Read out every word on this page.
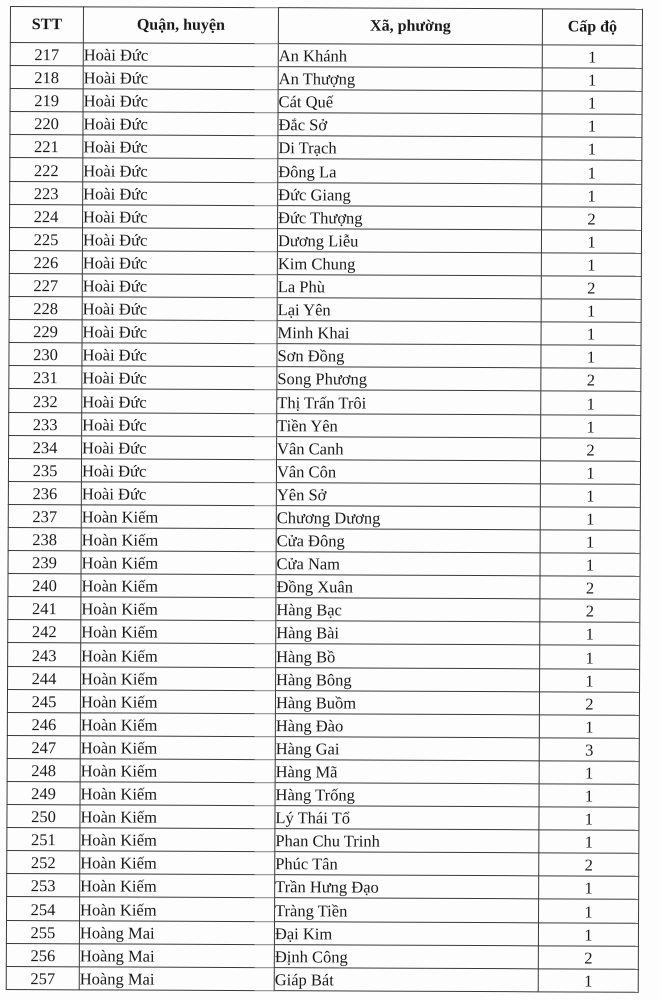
STT	Quận, huyện	Xã, phường	Cấp độ
217	Hoài Đức	An Khánh	1
218	Hoài Đức	An Thượng	1
219	Hoài Đức	Cát Quế	1
220	Hoài Đức	Đắc Sở	1
221	Hoài Đức	Di Trạch	1
222	Hoài Đức	Đông La	1
223	Hoài Đức	Đức Giang	1
224	Hoài Đức	Đức Thượng	2
225	Hoài Đức	Dương Liễu	1
226	Hoài Đức	Kim Chung	1
227	Hoài Đức	La Phù	2
228	Hoài Đức	Lại Yên	1
229	Hoài Đức	Minh Khai	1
230	Hoài Đức	Sơn Đồng	1
231	Hoài Đức	Song Phương	2
232	Hoài Đức	Thị Trấn Trôi	1
233	Hoài Đức	Tiền Yên	1
234	Hoài Đức	Vân Canh	2
235	Hoài Đức	Vân Côn	1
236	Hoài Đức	Yên Sở	1
237	Hoàn Kiếm	Chương Dương	1
238	Hoàn Kiếm	Cửa Đông	1
239	Hoàn Kiếm	Cửa Nam	1
240	Hoàn Kiếm	Đồng Xuân	2
241	Hoàn Kiếm	Hàng Bạc	2
242	Hoàn Kiếm	Hàng Bài	1
243	Hoàn Kiếm	Hàng Bồ	1
244	Hoàn Kiếm	Hàng Bông	1
245	Hoàn Kiếm	Hàng Buồm	2
246	Hoàn Kiếm	Hàng Đào	1
247	Hoàn Kiếm	Hàng Gai	3
248	Hoàn Kiếm	Hàng Mã	1
249	Hoàn Kiếm	Hàng Trống	1
250	Hoàn Kiếm	Lý Thái Tổ	1
251	Hoàn Kiếm	Phan Chu Trinh	1
252	Hoàn Kiếm	Phúc Tân	2
253	Hoàn Kiếm	Trần Hưng Đạo	1
254	Hoàn Kiếm	Tràng Tiền	1
255	Hoàng Mai	Đại Kim	1
256	Hoàng Mai	Định Công	2
257	Hoàng Mai	Giáp Bát	1
